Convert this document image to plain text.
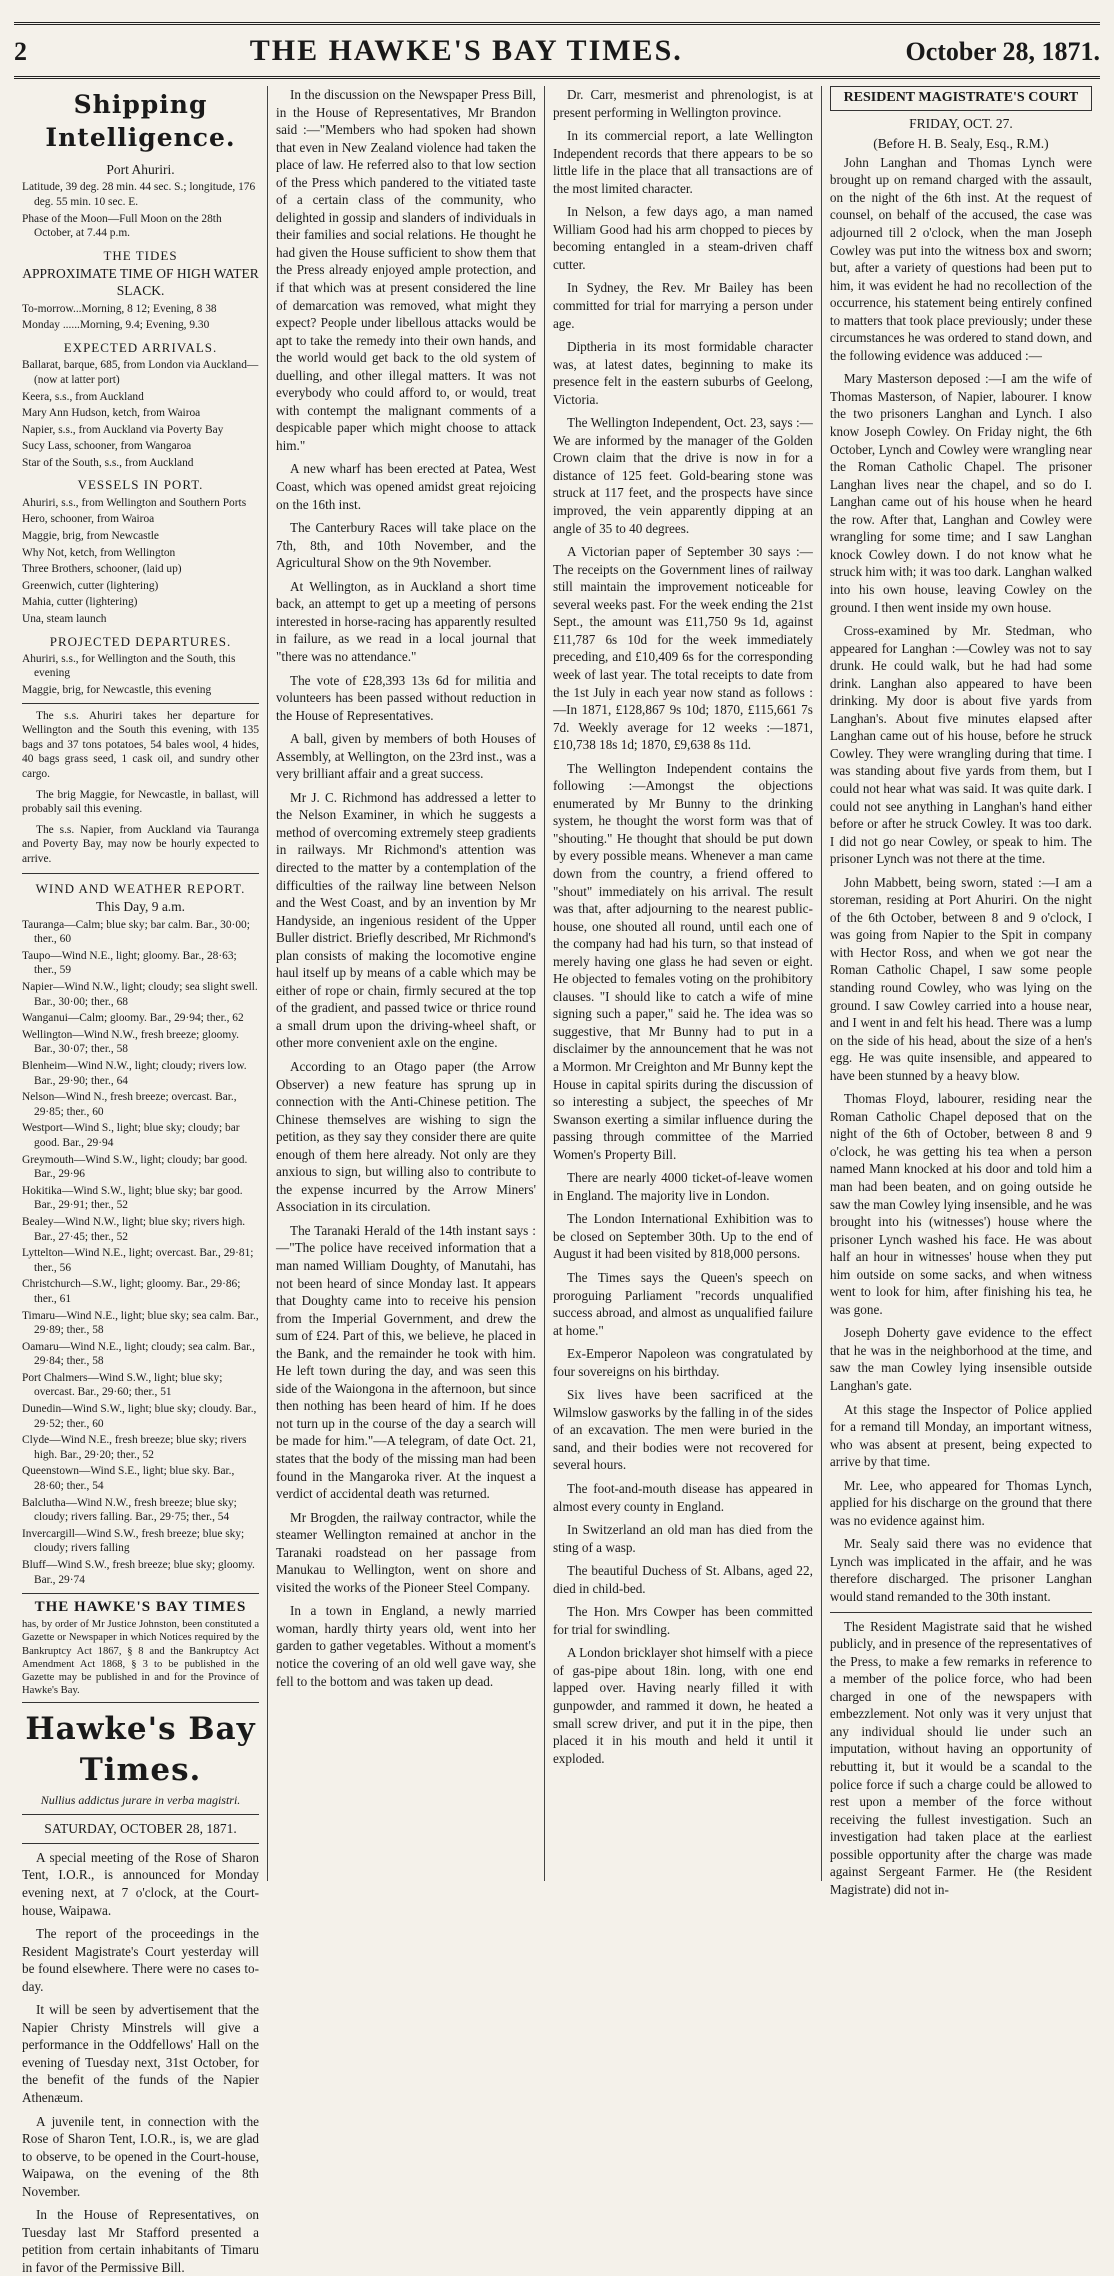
2	THE HAWKE'S BAY TIMES.	October 28, 1871.
Shipping Intelligence.
Port Ahuriri.
Latitude, 39 deg. 28 min. 44 sec. S.; longitude, 176 deg. 55 min. 10 sec. E.
Phase of the Moon—Full Moon on the 28th October, at 7.44 p.m.
THE TIDES
APPROXIMATE TIME OF HIGH WATER SLACK.
To-morrow...Morning, 8 12; Evening, 8 38
Monday ......Morning, 9.4; Evening, 9.30
EXPECTED ARRIVALS.
Ballarat, barque, 685, from London via Auckland—(now at latter port)
Keera, s.s., from Auckland
Mary Ann Hudson, ketch, from Wairoa
Napier, s.s., from Auckland via Poverty Bay
Sucy Lass, schooner, from Wangaroa
Star of the South, s.s., from Auckland
VESSELS IN PORT.
Ahuriri, s.s., from Wellington and Southern Ports
Hero, schooner, from Wairoa
Maggie, brig, from Newcastle
Why Not, ketch, from Wellington
Three Brothers, schooner, (laid up)
Greenwich, cutter (lightering)
Mahia, cutter (lightering)
Una, steam launch
PROJECTED DEPARTURES.
Ahuriri, s.s., for Wellington and the South, this evening
Maggie, brig, for Newcastle, this evening

The s.s. Ahuriri takes her departure for Wellington and the South this evening, with 135 bags and 37 tons potatoes, 54 bales wool, 4 hides, 40 bags grass seed, 1 cask oil, and sundry other cargo.

The brig Maggie, for Newcastle, in ballast, will probably sail this evening.

The s.s. Napier, from Auckland via Tauranga and Poverty Bay, may now be hourly expected to arrive.

WIND AND WEATHER REPORT.
This Day, 9 a.m.
Tauranga—Calm; blue sky; bar calm. Bar., 30·00; ther., 60
Taupo—Wind N.E., light; gloomy. Bar., 28·63; ther., 59
Napier—Wind N.W., light; cloudy; sea slight swell. Bar., 30·00; ther., 68
Wanganui—Calm; gloomy. Bar., 29·94; ther., 62
Wellington—Wind N.W., fresh breeze; gloomy. Bar., 30·07; ther., 58
Blenheim—Wind N.W., light; cloudy; rivers low. Bar., 29·90; ther., 64
Nelson—Wind N., fresh breeze; overcast. Bar., 29·85; ther., 60
Westport—Wind S., light; blue sky; cloudy; bar good. Bar., 29·94
Greymouth—Wind S.W., light; cloudy; bar good. Bar., 29·96
Hokitika—Wind S.W., light; blue sky; bar good. Bar., 29·91; ther., 52
Bealey—Wind N.W., light; blue sky; rivers high. Bar., 27·45; ther., 52
Lyttelton—Wind N.E., light; overcast. Bar., 29·81; ther., 56
Christchurch—S.W., light; gloomy. Bar., 29·86; ther., 61
Timaru—Wind N.E., light; blue sky; sea calm. Bar., 29·89; ther., 58
Oamaru—Wind N.E., light; cloudy; sea calm. Bar., 29·84; ther., 58
Port Chalmers—Wind S.W., light; blue sky; overcast. Bar., 29·60; ther., 51
Dunedin—Wind S.W., light; blue sky; cloudy. Bar., 29·52; ther., 60
Clyde—Wind N.E., fresh breeze; blue sky; rivers high. Bar., 29·20; ther., 52
Queenstown—Wind S.E., light; blue sky. Bar., 28·60; ther., 54
Balclutha—Wind N.W., fresh breeze; blue sky; cloudy; rivers falling. Bar., 29·75; ther., 54
Invercargill—Wind S.W., fresh breeze; blue sky; cloudy; rivers falling
Bluff—Wind S.W., fresh breeze; blue sky; gloomy. Bar., 29·74
THE HAWKE'S BAY TIMES
has, by order of Mr Justice Johnston, been constituted a Gazette or Newspaper in which Notices required by the Bankruptcy Act 1867, § 8 and the Bankruptcy Act Amendment Act 1868, § 3 to be published in the Gazette may be published in and for the Province of Hawke's Bay.
Hawke's Bay Times.
Nullius addictus jurare in verba magistri.
SATURDAY, OCTOBER 28, 1871.

A special meeting of the Rose of Sharon Tent, I.O.R., is announced for Monday evening next, at 7 o'clock, at the Court-house, Waipawa.

The report of the proceedings in the Resident Magistrate's Court yesterday will be found elsewhere. There were no cases to-day.

It will be seen by advertisement that the Napier Christy Minstrels will give a performance in the Oddfellows' Hall on the evening of Tuesday next, 31st October, for the benefit of the funds of the Napier Athenæum.

A juvenile tent, in connection with the Rose of Sharon Tent, I.O.R., is, we are glad to observe, to be opened in the Court-house, Waipawa, on the evening of the 8th November.

In the House of Representatives, on Tuesday last Mr Stafford presented a petition from certain inhabitants of Timaru in favor of the Permissive Bill.

In the discussion on the Newspaper Press Bill, in the House of Representatives, Mr Brandon said :—"Members who had spoken had shown that even in New Zealand violence had taken the place of law. He referred also to that low section of the Press which pandered to the vitiated taste of a certain class of the community, who delighted in gossip and slanders of individuals in their families and social relations. He thought he had given the House sufficient to show them that the Press already enjoyed ample protection, and if that which was at present considered the line of demarcation was removed, what might they expect? People under libellous attacks would be apt to take the remedy into their own hands, and the world would get back to the old system of duelling, and other illegal matters. It was not everybody who could afford to, or would, treat with contempt the malignant comments of a despicable paper which might choose to attack him."

A new wharf has been erected at Patea, West Coast, which was opened amidst great rejoicing on the 16th inst.

The Canterbury Races will take place on the 7th, 8th, and 10th November, and the Agricultural Show on the 9th November.

At Wellington, as in Auckland a short time back, an attempt to get up a meeting of persons interested in horse-racing has apparently resulted in failure, as we read in a local journal that "there was no attendance."

The vote of £28,393 13s 6d for militia and volunteers has been passed without reduction in the House of Representatives.

A ball, given by members of both Houses of Assembly, at Wellington, on the 23rd inst., was a very brilliant affair and a great success.

Mr J. C. Richmond has addressed a letter to the Nelson Examiner, in which he suggests a method of overcoming extremely steep gradients in railways. Mr Richmond's attention was directed to the matter by a contemplation of the difficulties of the railway line between Nelson and the West Coast, and by an invention by Mr Handyside, an ingenious resident of the Upper Buller district. Briefly described, Mr Richmond's plan consists of making the locomotive engine haul itself up by means of a cable which may be either of rope or chain, firmly secured at the top of the gradient, and passed twice or thrice round a small drum upon the driving-wheel shaft, or other more convenient axle on the engine.

According to an Otago paper (the Arrow Observer) a new feature has sprung up in connection with the Anti-Chinese petition. The Chinese themselves are wishing to sign the petition, as they say they consider there are quite enough of them here already. Not only are they anxious to sign, but willing also to contribute to the expense incurred by the Arrow Miners' Association in its circulation.

The Taranaki Herald of the 14th instant says :—"The police have received information that a man named William Doughty, of Manutahi, has not been heard of since Monday last. It appears that Doughty came into to receive his pension from the Imperial Government, and drew the sum of £24. Part of this, we believe, he placed in the Bank, and the remainder he took with him. He left town during the day, and was seen this side of the Waiongona in the afternoon, but since then nothing has been heard of him. If he does not turn up in the course of the day a search will be made for him."—A telegram, of date Oct. 21, states that the body of the missing man had been found in the Mangaroka river. At the inquest a verdict of accidental death was returned.

Mr Brogden, the railway contractor, while the steamer Wellington remained at anchor in the Taranaki roadstead on her passage from Manukau to Wellington, went on shore and visited the works of the Pioneer Steel Company.

In a town in England, a newly married woman, hardly thirty years old, went into her garden to gather vegetables. Without a moment's notice the covering of an old well gave way, she fell to the bottom and was taken up dead.

Dr. Carr, mesmerist and phrenologist, is at present performing in Wellington province.

In its commercial report, a late Wellington Independent records that there appears to be so little life in the place that all transactions are of the most limited character.

In Nelson, a few days ago, a man named William Good had his arm chopped to pieces by becoming entangled in a steam-driven chaff cutter.

In Sydney, the Rev. Mr Bailey has been committed for trial for marrying a person under age.

Diptheria in its most formidable character was, at latest dates, beginning to make its presence felt in the eastern suburbs of Geelong, Victoria.

The Wellington Independent, Oct. 23, says :—We are informed by the manager of the Golden Crown claim that the drive is now in for a distance of 125 feet. Gold-bearing stone was struck at 117 feet, and the prospects have since improved, the vein apparently dipping at an angle of 35 to 40 degrees.

A Victorian paper of September 30 says :—The receipts on the Government lines of railway still maintain the improvement noticeable for several weeks past. For the week ending the 21st Sept., the amount was £11,750 9s 1d, against £11,787 6s 10d for the week immediately preceding, and £10,409 6s for the corresponding week of last year. The total receipts to date from the 1st July in each year now stand as follows :—In 1871, £128,867 9s 10d; 1870, £115,661 7s 7d. Weekly average for 12 weeks :—1871, £10,738 18s 1d; 1870, £9,638 8s 11d.

The Wellington Independent contains the following :—Amongst the objections enumerated by Mr Bunny to the drinking system, he thought the worst form was that of "shouting." He thought that should be put down by every possible means. Whenever a man came down from the country, a friend offered to "shout" immediately on his arrival. The result was that, after adjourning to the nearest public-house, one shouted all round, until each one of the company had had his turn, so that instead of merely having one glass he had seven or eight. He objected to females voting on the prohibitory clauses. "I should like to catch a wife of mine signing such a paper," said he. The idea was so suggestive, that Mr Bunny had to put in a disclaimer by the announcement that he was not a Mormon. Mr Creighton and Mr Bunny kept the House in capital spirits during the discussion of so interesting a subject, the speeches of Mr Swanson exerting a similar influence during the passing through committee of the Married Women's Property Bill.

There are nearly 4000 ticket-of-leave women in England. The majority live in London.

The London International Exhibition was to be closed on September 30th. Up to the end of August it had been visited by 818,000 persons.

The Times says the Queen's speech on proroguing Parliament "records unqualified success abroad, and almost as unqualified failure at home."

Ex-Emperor Napoleon was congratulated by four sovereigns on his birthday.

Six lives have been sacrificed at the Wilmslow gasworks by the falling in of the sides of an excavation. The men were buried in the sand, and their bodies were not recovered for several hours.

The foot-and-mouth disease has appeared in almost every county in England.

In Switzerland an old man has died from the sting of a wasp.

The beautiful Duchess of St. Albans, aged 22, died in child-bed.

The Hon. Mrs Cowper has been committed for trial for swindling.

A London bricklayer shot himself with a piece of gas-pipe about 18in. long, with one end lapped over. Having nearly filled it with gunpowder, and rammed it down, he heated a small screw driver, and put it in the pipe, then placed it in his mouth and held it until it exploded.

RESIDENT MAGISTRATE'S COURT
FRIDAY, OCT. 27.
(Before H. B. Sealy, Esq., R.M.)

John Langhan and Thomas Lynch were brought up on remand charged with the assault, on the night of the 6th inst. At the request of counsel, on behalf of the accused, the case was adjourned till 2 o'clock, when the man Joseph Cowley was put into the witness box and sworn; but, after a variety of questions had been put to him, it was evident he had no recollection of the occurrence, his statement being entirely confined to matters that took place previously; under these circumstances he was ordered to stand down, and the following evidence was adduced :—

Mary Masterson deposed :—I am the wife of Thomas Masterson, of Napier, labourer. I know the two prisoners Langhan and Lynch. I also know Joseph Cowley. On Friday night, the 6th October, Lynch and Cowley were wrangling near the Roman Catholic Chapel. The prisoner Langhan lives near the chapel, and so do I. Langhan came out of his house when he heard the row. After that, Langhan and Cowley were wrangling for some time; and I saw Langhan knock Cowley down. I do not know what he struck him with; it was too dark. Langhan walked into his own house, leaving Cowley on the ground. I then went inside my own house.

Cross-examined by Mr. Stedman, who appeared for Langhan :—Cowley was not to say drunk. He could walk, but he had had some drink. Langhan also appeared to have been drinking. My door is about five yards from Langhan's. About five minutes elapsed after Langhan came out of his house, before he struck Cowley. They were wrangling during that time. I was standing about five yards from them, but I could not hear what was said. It was quite dark. I could not see anything in Langhan's hand either before or after he struck Cowley. It was too dark. I did not go near Cowley, or speak to him. The prisoner Lynch was not there at the time.

John Mabbett, being sworn, stated :—I am a storeman, residing at Port Ahuriri. On the night of the 6th October, between 8 and 9 o'clock, I was going from Napier to the Spit in company with Hector Ross, and when we got near the Roman Catholic Chapel, I saw some people standing round Cowley, who was lying on the ground. I saw Cowley carried into a house near, and I went in and felt his head. There was a lump on the side of his head, about the size of a hen's egg. He was quite insensible, and appeared to have been stunned by a heavy blow.

Thomas Floyd, labourer, residing near the Roman Catholic Chapel deposed that on the night of the 6th of October, between 8 and 9 o'clock, he was getting his tea when a person named Mann knocked at his door and told him a man had been beaten, and on going outside he saw the man Cowley lying insensible, and he was brought into his (witnesses') house where the prisoner Lynch washed his face. He was about half an hour in witnesses' house when they put him outside on some sacks, and when witness went to look for him, after finishing his tea, he was gone.

Joseph Doherty gave evidence to the effect that he was in the neighborhood at the time, and saw the man Cowley lying insensible outside Langhan's gate.

At this stage the Inspector of Police applied for a remand till Monday, an important witness, who was absent at present, being expected to arrive by that time.

Mr. Lee, who appeared for Thomas Lynch, applied for his discharge on the ground that there was no evidence against him.

Mr. Sealy said there was no evidence that Lynch was implicated in the affair, and he was therefore discharged. The prisoner Langhan would stand remanded to the 30th instant.

The Resident Magistrate said that he wished publicly, and in presence of the representatives of the Press, to make a few remarks in reference to a member of the police force, who had been charged in one of the newspapers with embezzlement. Not only was it very unjust that any individual should lie under such an imputation, without having an opportunity of rebutting it, but it would be a scandal to the police force if such a charge could be allowed to rest upon a member of the force without receiving the fullest investigation. Such an investigation had taken place at the earliest possible opportunity after the charge was made against Sergeant Farmer. He (the Resident Magistrate) did not in-
